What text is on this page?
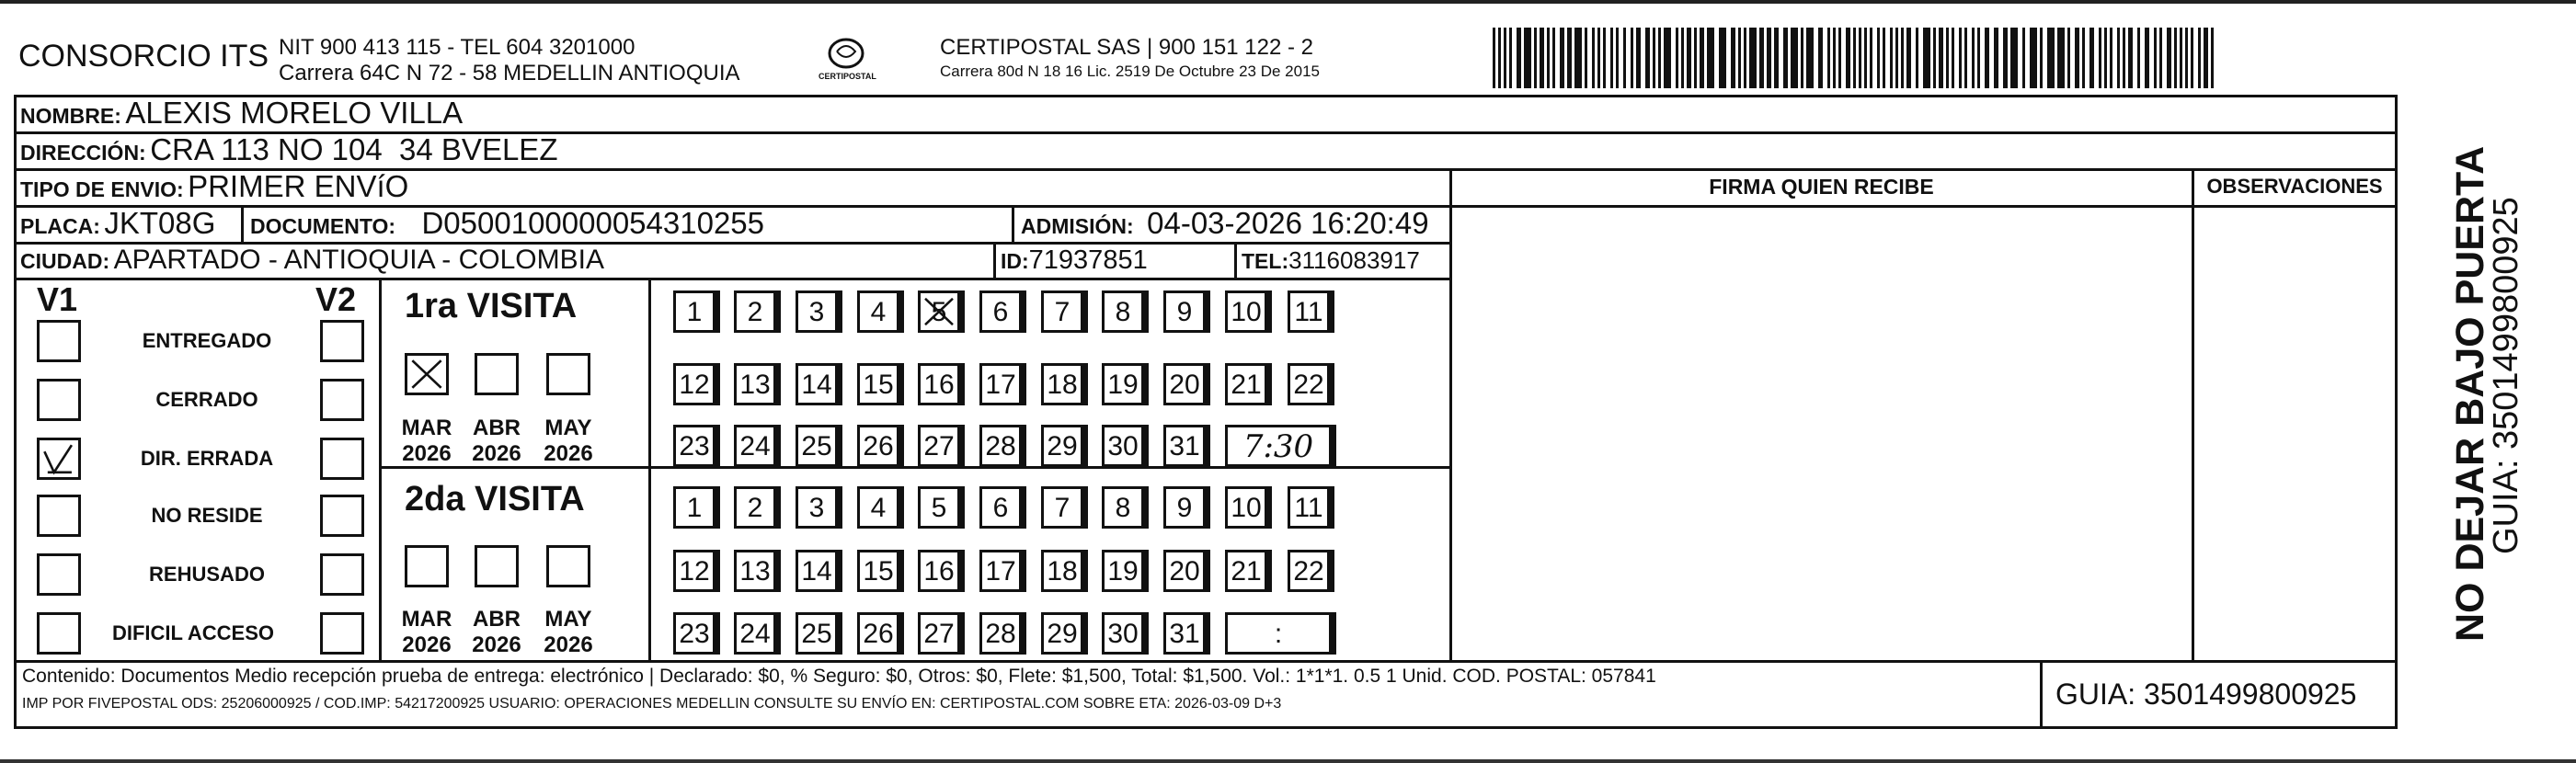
CONSORCIO ITS NIT 900 413 115 - TEL 604 3201000
Carrera 64C N 72 - 58 MEDELLIN ANTIOQUIA	CERTIPOSTAL
CERTIPOSTAL SAS | 900 151 122 - 2
Carrera 80d N 18 16 Lic. 2519 De Octubre 23 De 2015
NOMBRE: ALEXIS MORELO VILLA
DIRECCIÓN: CRA 113 NO 104  34 BVELEZ
TIPO DE ENVIO: PRIMER ENVíO
PLACA: JKT08G DOCUMENTO: D0500100000054310255	ADMISIÓN: 04-03-2026 16:20:49
CIUDAD: APARTADO - ANTIOQUIA - COLOMBIA	ID:71937851	TEL:3116083917
FIRMA QUIEN RECIBE	OBSERVACIONES
V1	V2
ENTREGADO
CERRADO
DIR. ERRADA
NO RESIDE
REHUSADO
DIFICIL ACCESO
1ra VISITA
2da VISITA
MAR
2026
ABR
2026
MAY
2026
MAR
2026
ABR
2026
MAY
2026
1	2	3	4	5	6	7	8	9	10 11
12 13 14 15 16 17 18 19 20 21 22
23 24 25 26 27 28 29 30 31	7:30
1	2	3	4	5	6	7	8	9	10 11
12 13 14 15 16 17 18 19 20 21 22
23 24 25 26 27 28 29 30 31	:
Contenido: Documentos Medio recepción prueba de entrega: electrónico | Declarado: $0, % Seguro: $0, Otros: $0, Flete: $1,500, Total: $1,500. Vol.: 1*1*1. 0.5 1 Unid. COD. POSTAL: 057841
IMP POR FIVEPOSTAL ODS: 25206000925 / COD.IMP: 54217200925 USUARIO: OPERACIONES MEDELLIN CONSULTE SU ENVÍO EN: CERTIPOSTAL.COM SOBRE ETA: 2026-03-09 D+3	GUIA: 3501499800925
NO DEJAR BAJO PUERTA
GUIA: 3501499800925
